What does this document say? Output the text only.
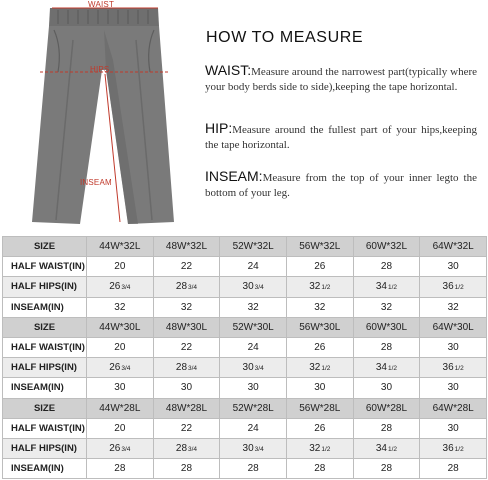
WAIST
HIPS
INSEAM
HOW TO MEASURE

WAIST:Measure around the narrowest part(typically where your body berds side to side),keeping the tape horizontal.

HIP:Measure around the fullest part of your hips,keeping the tape horizontal.

INSEAM:Measure from the top of your inner legto the bottom of your leg.

SIZE	44W*32L	48W*32L	52W*32L	56W*32L	60W*32L	64W*32L
HALF WAIST(IN)	20	22	24	26	28	30
HALF HIPS(IN)	263/4	283/4	303/4	321/2	341/2	361/2
INSEAM(IN)	32	32	32	32	32	32
SIZE	44W*30L	48W*30L	52W*30L	56W*30L	60W*30L	64W*30L
HALF WAIST(IN)	20	22	24	26	28	30
HALF HIPS(IN)	263/4	283/4	303/4	321/2	341/2	361/2
INSEAM(IN)	30	30	30	30	30	30
SIZE	44W*28L	48W*28L	52W*28L	56W*28L	60W*28L	64W*28L
HALF WAIST(IN)	20	22	24	26	28	30
HALF HIPS(IN)	263/4	283/4	303/4	321/2	341/2	361/2
INSEAM(IN)	28	28	28	28	28	28
